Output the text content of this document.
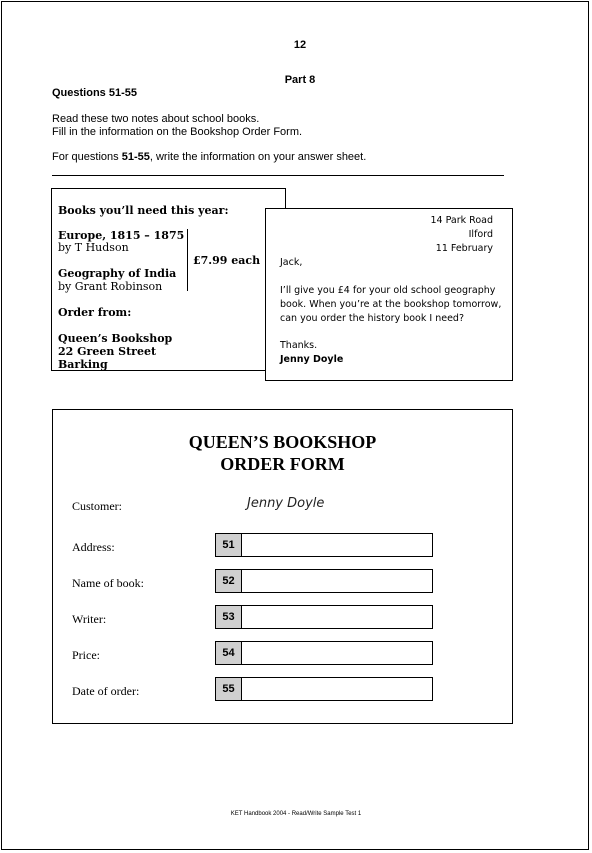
12
Part 8
Questions 51-55
Read these two notes about school books.
Fill in the information on the Bookshop Order Form.
For questions 51-55, write the information on your answer sheet.
Books you’ll need this year:
Europe, 1815 – 1875
by T Hudson
£7.99 each
Geography of India
by Grant Robinson
Order from:
Queen’s Bookshop
22 Green Street
Barking
14 Park Road
Ilford
11 February
Jack,
I’ll give you £4 for your old school geography
book. When you’re at the bookshop tomorrow,
can you order the history book I need?
Thanks.
Jenny Doyle
QUEEN’S BOOKSHOP
ORDER FORM
Customer:	Jenny Doyle
Address:	51
Name of book:	52
Writer:	53
Price:	54
Date of order:	55
KET Handbook 2004 - Read/Write Sample Test 1
